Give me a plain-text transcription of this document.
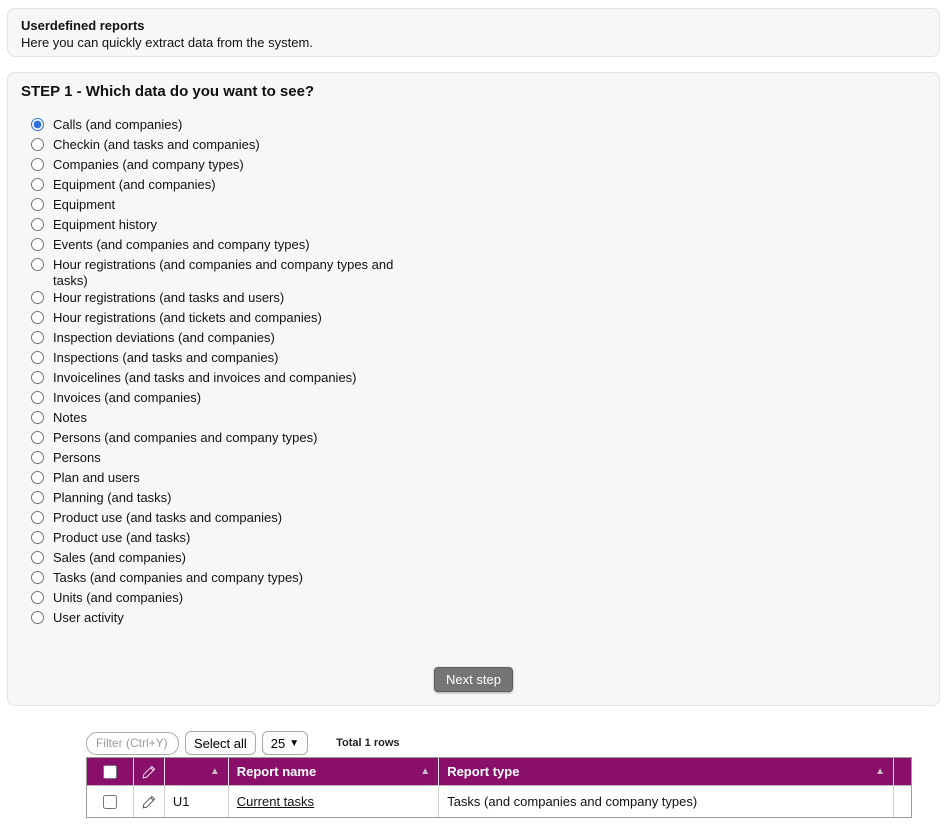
Userdefined reports
Here you can quickly extract data from the system.
STEP 1 - Which data do you want to see?
Calls (and companies)
Checkin (and tasks and companies)
Companies (and company types)
Equipment (and companies)
Equipment
Equipment history
Events (and companies and company types)
Hour registrations (and companies and company types and tasks)
Hour registrations (and tasks and users)
Hour registrations (and tickets and companies)
Inspection deviations (and companies)
Inspections (and tasks and companies)
Invoicelines (and tasks and invoices and companies)
Invoices (and companies)
Notes
Persons (and companies and company types)
Persons
Plan and users
Planning (and tasks)
Product use (and tasks and companies)
Product use (and tasks)
Sales (and companies)
Tasks (and companies and company types)
Units (and companies)
User activity
Next step
Filter (Ctrl+Y)
Select all	25 ▼	Total 1 rows
▲ Report name	▲ Report type	▲
U1	Current tasks	Tasks (and companies and company types)
